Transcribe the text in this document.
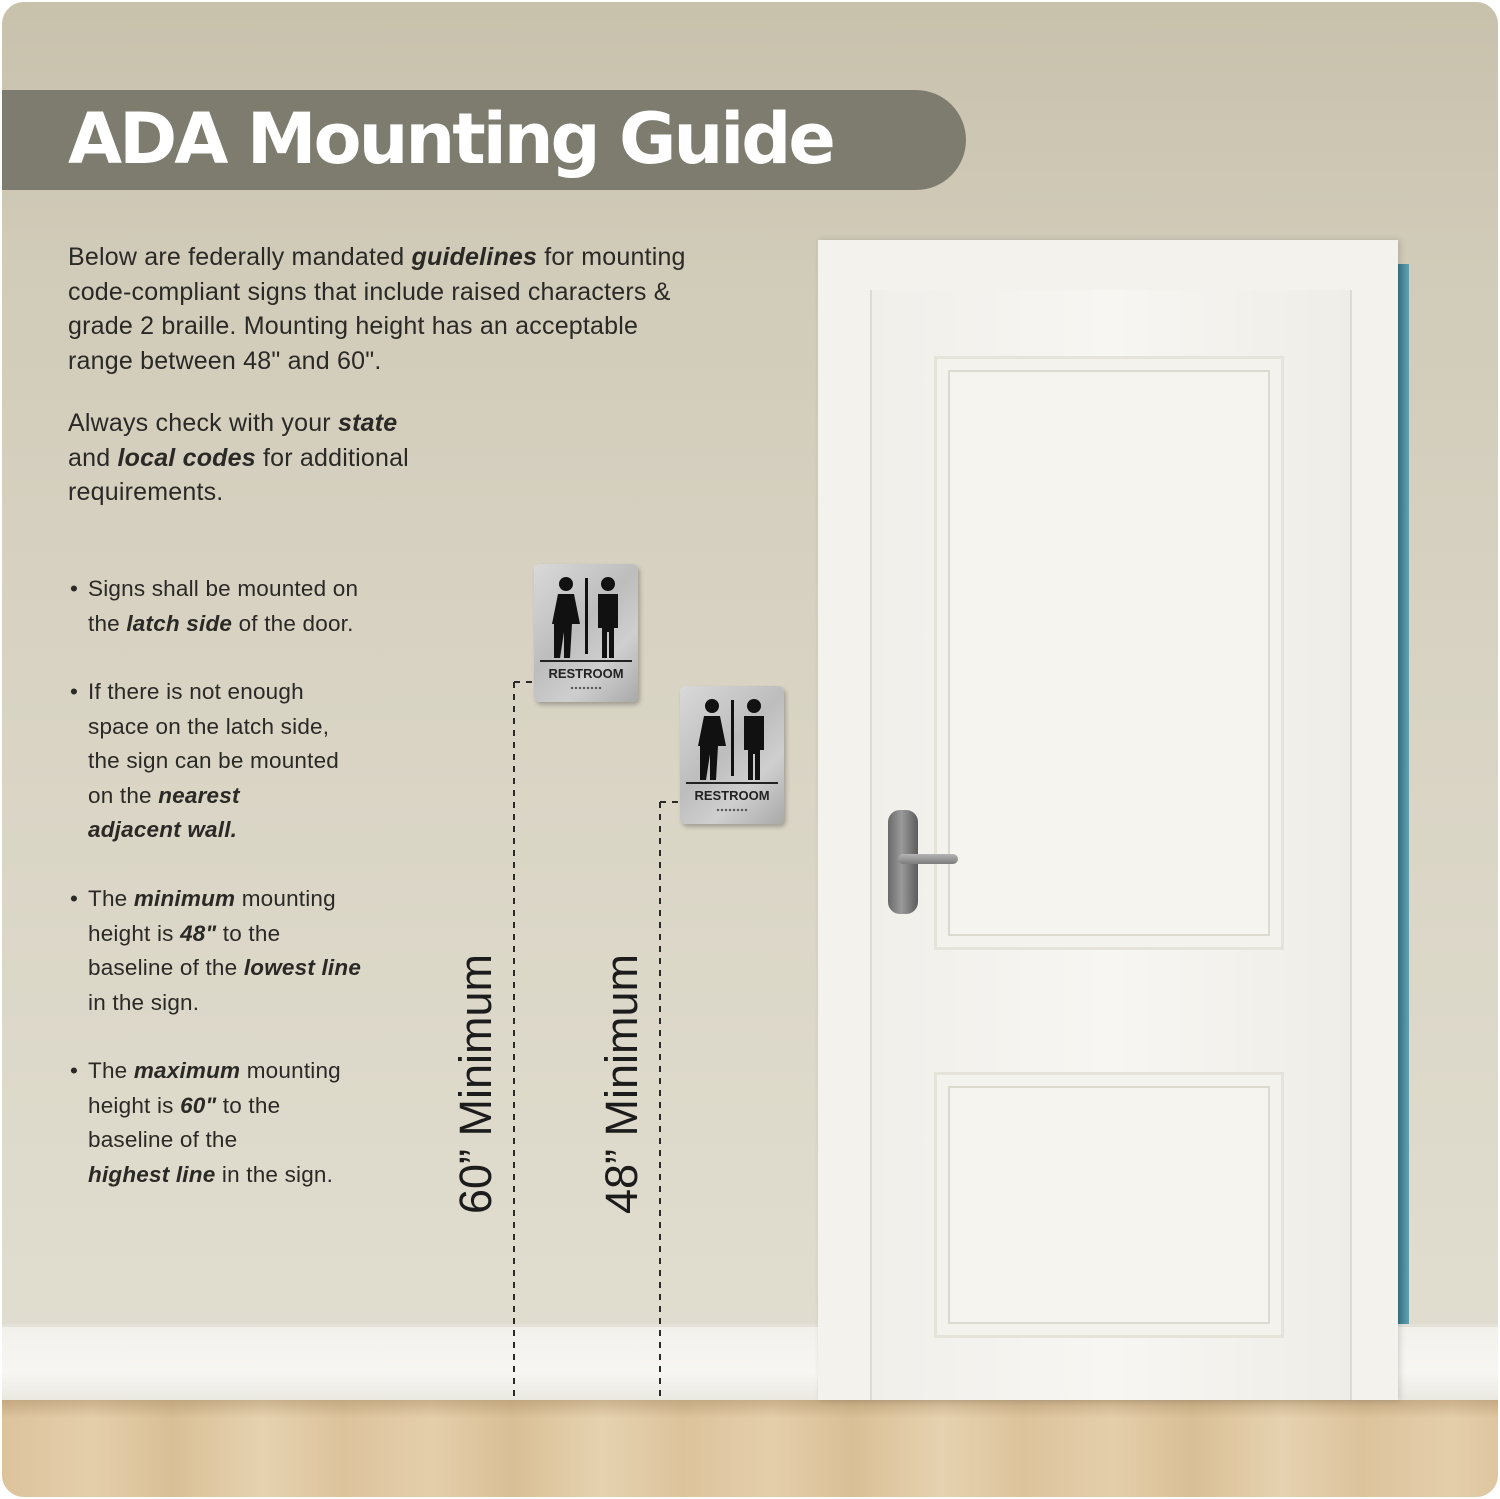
ADA Mounting Guide
Below are federally mandated guidelines for mounting
code-compliant signs that include raised characters &
grade 2 braille. Mounting height has an acceptable
range between 48" and 60".
Always check with your state
and local codes for additional
requirements.
• Signs shall be mounted on
the latch side of the door.
• If there is not enough
space on the latch side,
the sign can be mounted
on the nearest
adjacent wall.
• The minimum mounting
height is 48" to the
baseline of the lowest line
in the sign.
• The maximum mounting
height is 60" to the
baseline of the
highest line in the sign.	60” Minimum 48” Minimum
RESTROOM
RESTROOM
